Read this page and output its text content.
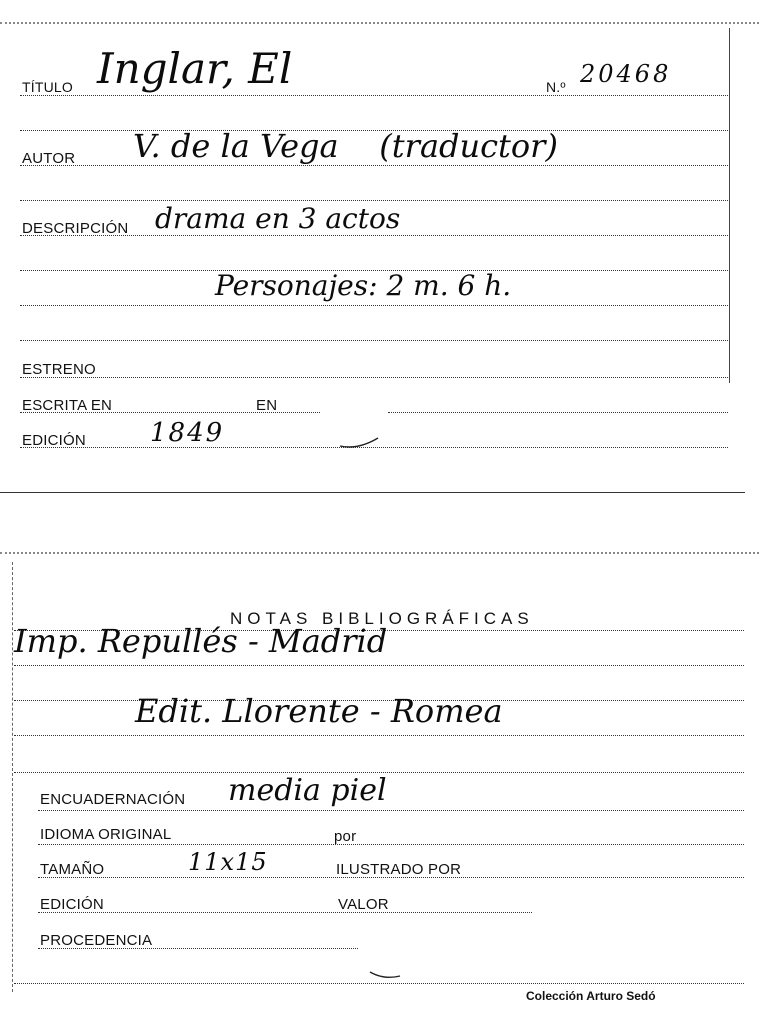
TÍTULO Inglar, El	N.º 20468
AUTOR V. de la Vega    (traductor)
DESCRIPCIÓN drama en 3 actos
Personajes: 2 m. 6 h.
ESTRENO
ESCRITA EN	EN
EDICIÓN 1849
NOTAS BIBLIOGRÁFICAS
Imp. Repullés - Madrid
Edit. Llorente - Romea
ENCUADERNACIÓN media piel
IDIOMA ORIGINAL	por
TAMAÑO	11x15	ILUSTRADO POR
EDICIÓN	VALOR
PROCEDENCIA
Colección Arturo Sedó
